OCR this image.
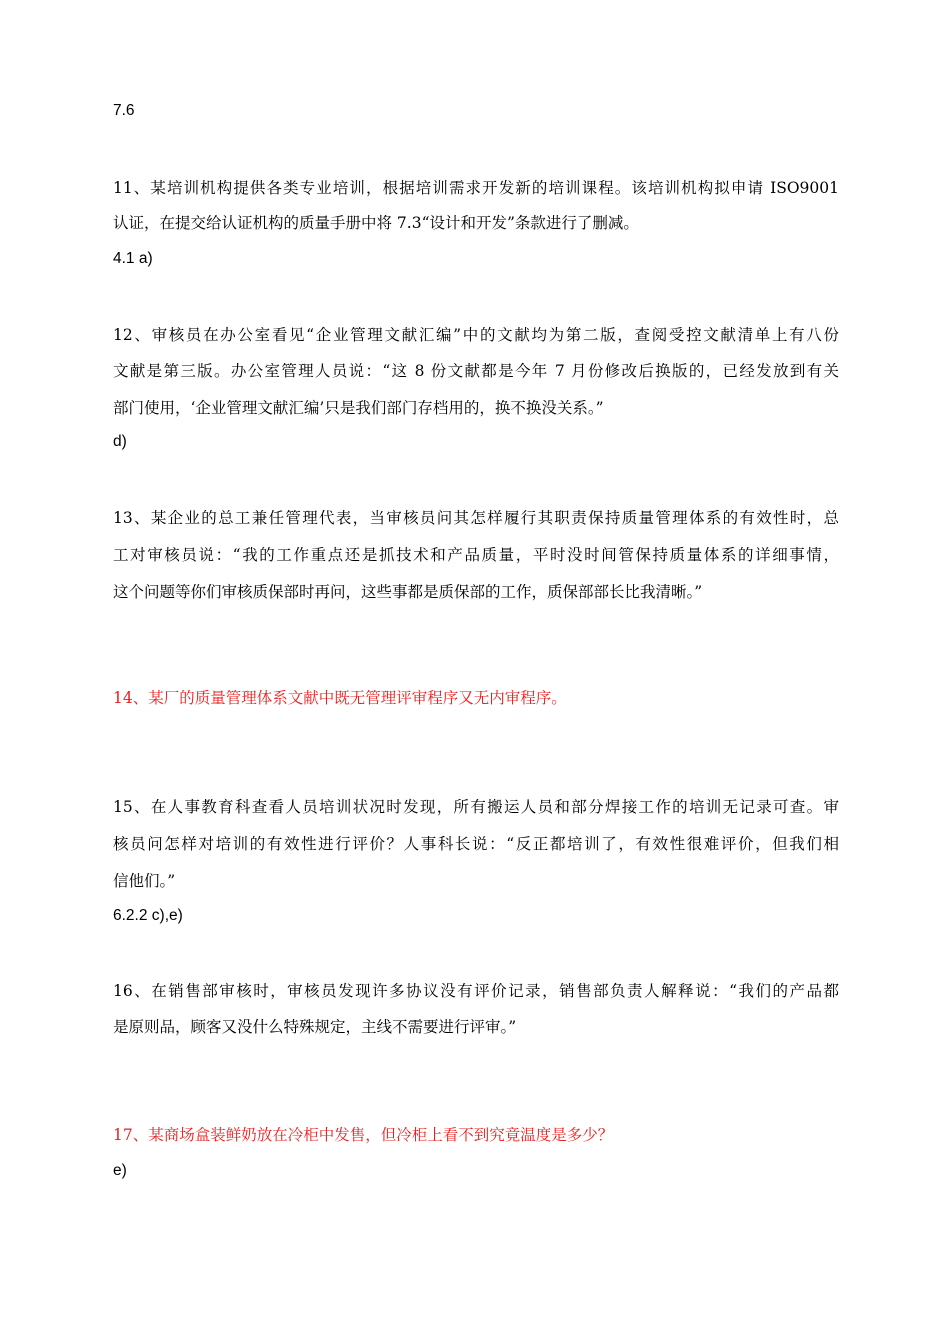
7.6
11、某培训机构提供各类专业培训，根据培训需求开发新的培训课程。该培训机构拟申请 ISO9001
认证，在提交给认证机构的质量手册中将 7.3“设计和开发”条款进行了删减。
4.1 a)
12、审核员在办公室看见“企业管理文献汇编”中的文献均为第二版，查阅受控文献清单上有八份
文献是第三版。办公室管理人员说：“这 8 份文献都是今年 7 月份修改后换版的，已经发放到有关
部门使用，‘企业管理文献汇编’只是我们部门存档用的，换不换没关系。”
d)
13、某企业的总工兼任管理代表，当审核员问其怎样履行其职责保持质量管理体系的有效性时，总
工对审核员说：“我的工作重点还是抓技术和产品质量，平时没时间管保持质量体系的详细事情，
这个问题等你们审核质保部时再问，这些事都是质保部的工作，质保部部长比我清晰。”
14、某厂的质量管理体系文献中既无管理评审程序又无内审程序。
15、在人事教育科查看人员培训状况时发现，所有搬运人员和部分焊接工作的培训无记录可查。审
核员问怎样对培训的有效性进行评价？人事科长说：“反正都培训了，有效性很难评价，但我们相
信他们。”
6.2.2 c),e)
16、在销售部审核时，审核员发现许多协议没有评价记录，销售部负责人解释说：“我们的产品都
是原则品，顾客又没什么特殊规定，主线不需要进行评审。”
17、某商场盒装鲜奶放在冷柜中发售，但冷柜上看不到究竟温度是多少？
e)
